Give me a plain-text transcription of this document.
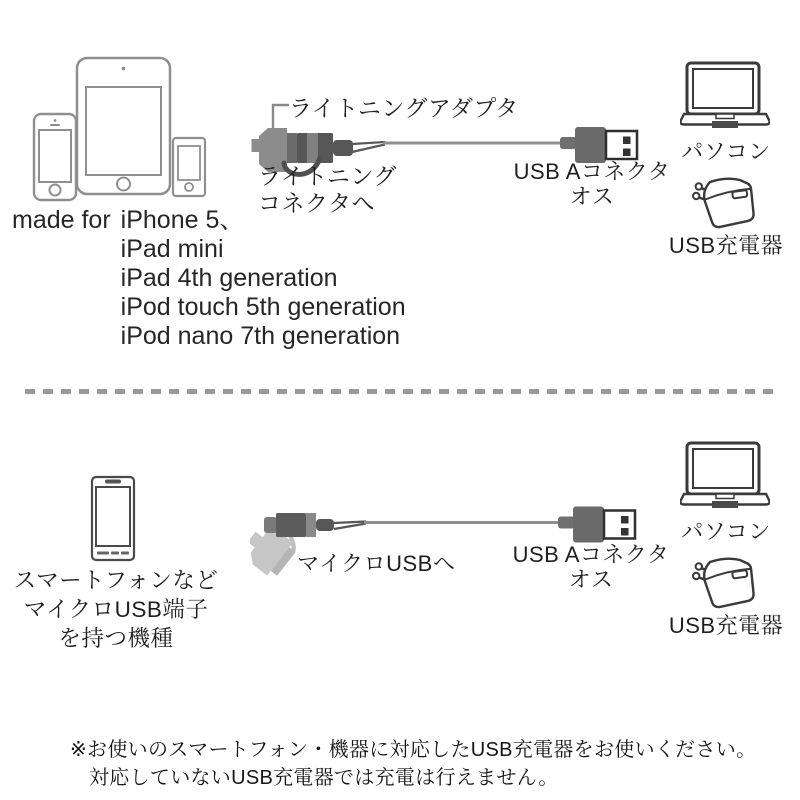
made for iPhone 5、
iPad mini
iPad 4th generation
iPod touch 5th generation
iPod nano 7th generation
ライトニングアダプタ
ライトニング
コネクタへ
USB Aコネクタ
オス
パソコン
USB充電器
スマートフォンなど
マイクロUSB端子
を持つ機種
マイクロUSBへ	USB Aコネクタ
オス
パソコン
USB充電器
※お使いのスマートフォン・機器に対応したUSB充電器をお使いください。
対応していないUSB充電器では充電は行えません。
